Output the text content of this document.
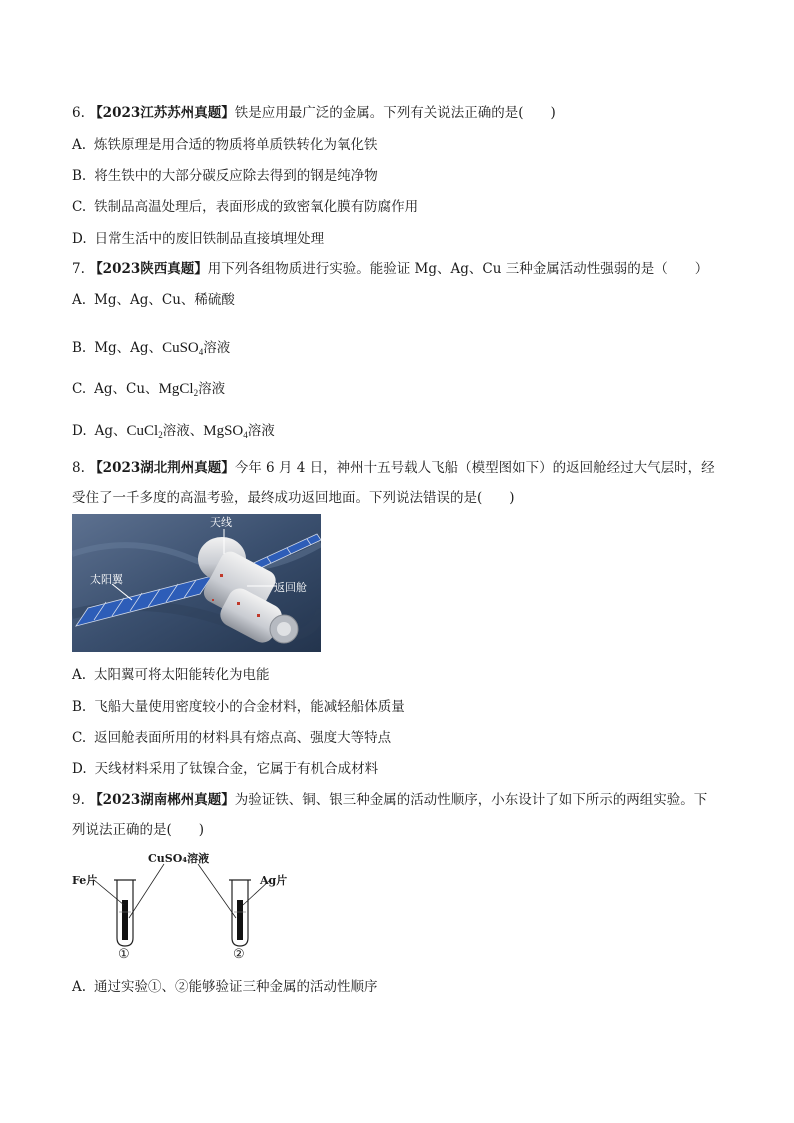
6. 【2023江苏苏州真题】铁是应用最广泛的金属。下列有关说法正确的是(　　)
A. 炼铁原理是用合适的物质将单质铁转化为氧化铁
B. 将生铁中的大部分碳反应除去得到的钢是纯净物
C. 铁制品高温处理后，表面形成的致密氧化膜有防腐作用
D. 日常生活中的废旧铁制品直接填埋处理
7. 【2023陕西真题】用下列各组物质进行实验。能验证 Mg、Ag、Cu 三种金属活动性强弱的是（　　）
A. Mg、Ag、Cu、稀硫酸
B. Mg、Ag、CuSO$_4$溶液
C. Ag、Cu、MgCl$_2$溶液
D. Ag、CuCl$_2$溶液、MgSO$_4$溶液
8. 【2023湖北荆州真题】今年 6 月 4 日，神州十五号载人飞船（模型图如下）的返回舱经过大气层时，经
受住了一千多度的高温考验，最终成功返回地面。下列说法错误的是(　　)
天线
太阳翼
返回舱
A. 太阳翼可将太阳能转化为电能
B. 飞船大量使用密度较小的合金材料，能减轻船体质量
C. 返回舱表面所用的材料具有熔点高、强度大等特点
D. 天线材料采用了钛镍合金，它属于有机合成材料
9. 【2023湖南郴州真题】为验证铁、铜、银三种金属的活动性顺序，小东设计了如下所示的两组实验。下
列说法正确的是(　　)
Fe片
CuSO₄溶液
Ag片
①	②
A. 通过实验①、②能够验证三种金属的活动性顺序
